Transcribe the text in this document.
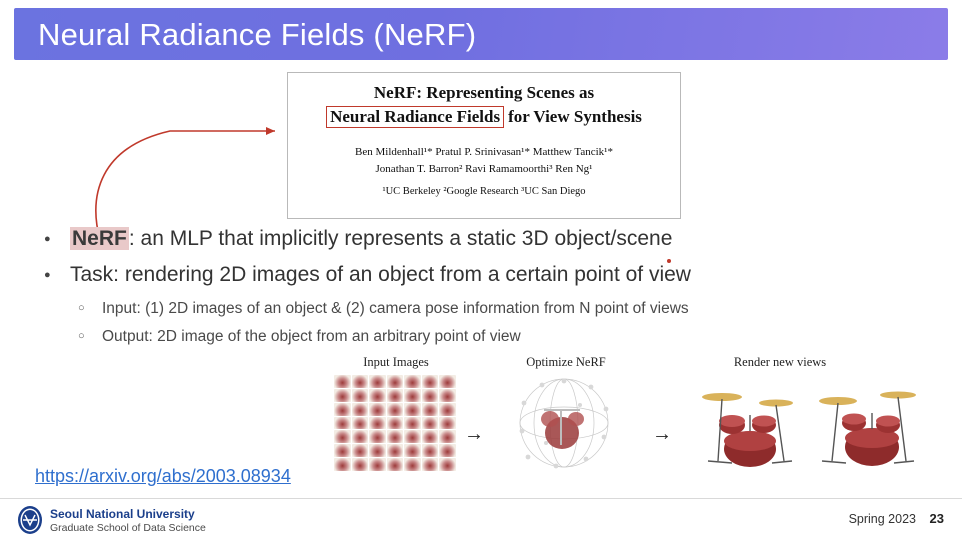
Neural Radiance Fields (NeRF)
NeRF: Representing Scenes as
Neural Radiance Fields for View Synthesis
Ben Mildenhall¹* Pratul P. Srinivasan¹* Matthew Tancik¹*
Jonathan T. Barron² Ravi Ramamoorthi³ Ren Ng¹
¹UC Berkeley ²Google Research ³UC San Diego
● NeRF: an MLP that implicitly represents a static 3D object/scene
● Task: rendering 2D images of an object from a certain point of view
○ Input: (1) 2D images of an object & (2) camera pose information from N point of views
○ Output: 2D image of the object from an arbitrary point of view
Input Images	Optimize NeRF	Render new views
→	→
https://arxiv.org/abs/2003.08934
Seoul National University
Graduate School of Data Science
Spring 2023 23
